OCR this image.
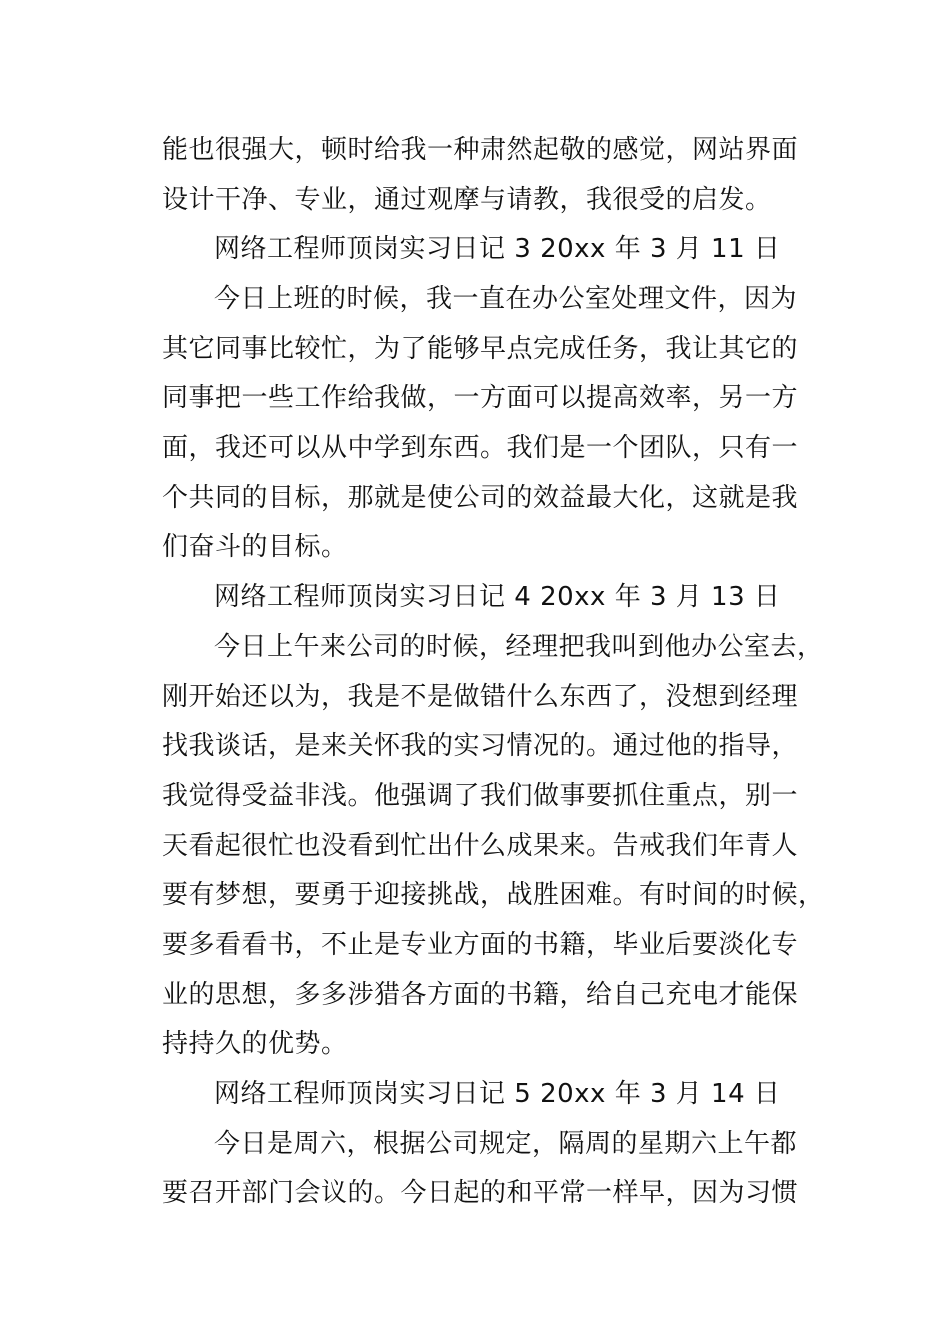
能也很强大，顿时给我一种肃然起敬的感觉，网站界面
设计干净、专业，通过观摩与请教，我很受的启发。
网络工程师顶岗实习日记 3 20xx 年 3 月 11 日
今日上班的时候，我一直在办公室处理文件，因为
其它同事比较忙，为了能够早点完成任务，我让其它的
同事把一些工作给我做，一方面可以提高效率，另一方
面，我还可以从中学到东西。我们是一个团队，只有一
个共同的目标，那就是使公司的效益最大化，这就是我
们奋斗的目标。
网络工程师顶岗实习日记 4 20xx 年 3 月 13 日
今日上午来公司的时候，经理把我叫到他办公室去，
刚开始还以为，我是不是做错什么东西了，没想到经理
找我谈话，是来关怀我的实习情况的。通过他的指导，
我觉得受益非浅。他强调了我们做事要抓住重点，别一
天看起很忙也没看到忙出什么成果来。告戒我们年青人
要有梦想，要勇于迎接挑战，战胜困难。有时间的时候，
要多看看书，不止是专业方面的书籍，毕业后要淡化专
业的思想，多多涉猎各方面的书籍，给自己充电才能保
持持久的优势。
网络工程师顶岗实习日记 5 20xx 年 3 月 14 日
今日是周六，根据公司规定，隔周的星期六上午都
要召开部门会议的。今日起的和平常一样早，因为习惯
